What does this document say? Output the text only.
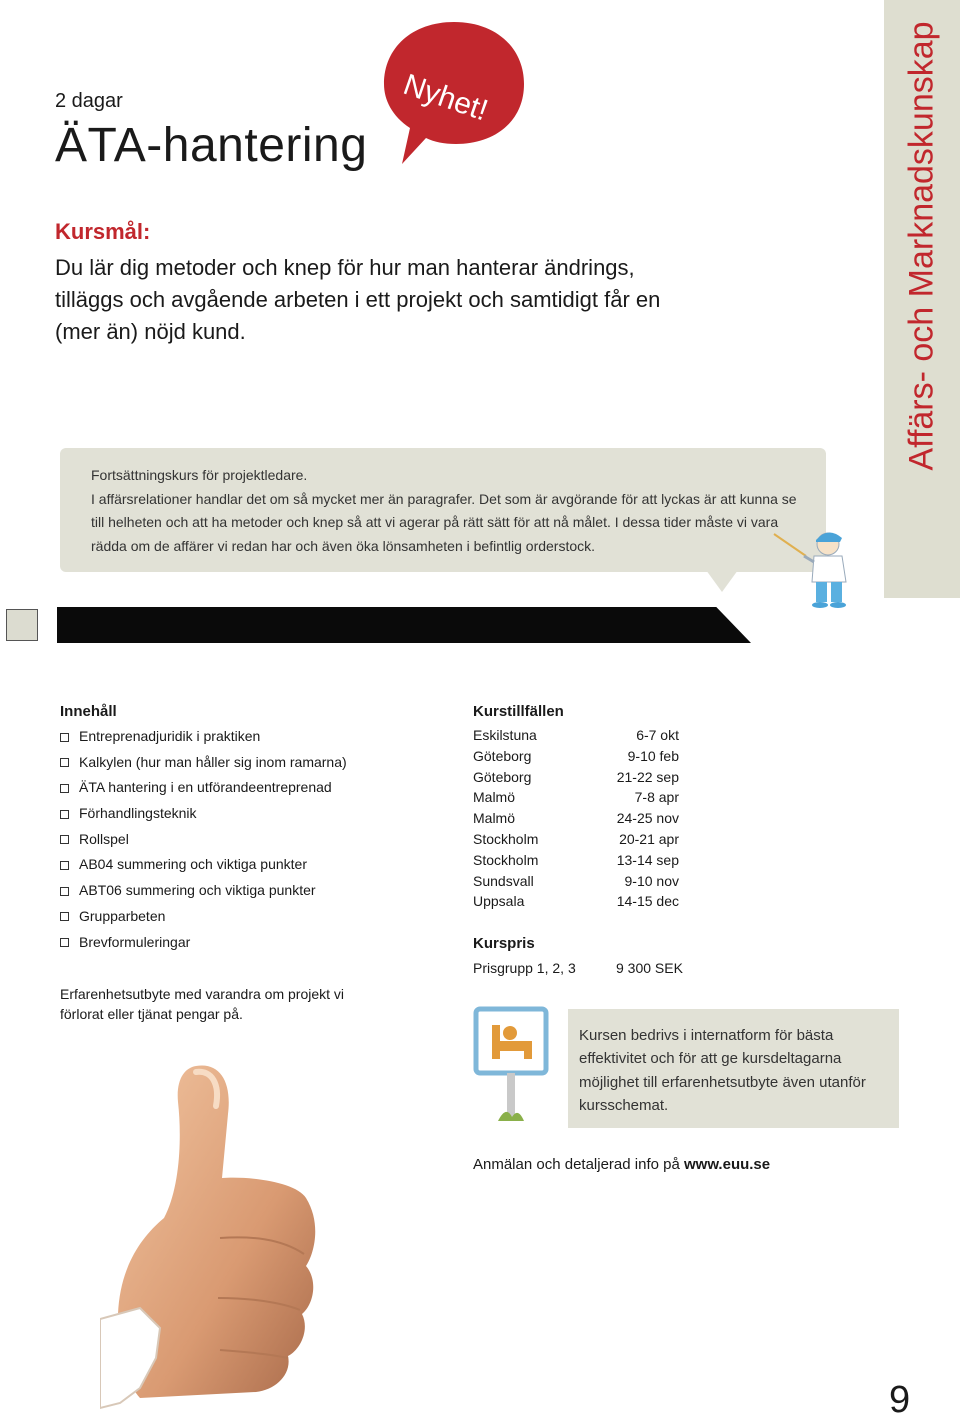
2 dagar
ÄTA-hantering
Nyhet!
Kursmål:
Du lär dig metoder och knep för hur man hanterar ändrings, tilläggs och avgående arbeten i ett projekt och samtidigt får en (mer än) nöjd kund.	Affärs- och Marknadskunskap

Fortsättningskurs för projektledare.

I affärsrelationer handlar det om så mycket mer än paragrafer. Det som är avgörande för att lyckas är att kunna se till helheten och att ha metoder och knep så att vi agerar på rätt sätt för att nå målet. I dessa tider måste vi vara rädda om de affärer vi redan har och även öka lönsamheten i befintlig orderstock.

Innehåll
Entreprenadjuridik i praktiken
Kalkylen (hur man håller sig inom ramarna)
ÄTA hantering i en utförandeentreprenad
Förhandlingsteknik
Rollspel
AB04 summering och viktiga punkter
ABT06 summering och viktiga punkter
Grupparbeten
Brevformuleringar
Erfarenhetsutbyte med varandra om projekt vi förlorat eller tjänat pengar på.
Kurstillfällen
Eskilstuna	6-7 okt
Göteborg	9-10 feb
Göteborg	21-22 sep
Malmö	7-8 apr
Malmö	24-25 nov
Stockholm	20-21 apr
Stockholm	13-14 sep
Sundsvall	9-10 nov
Uppsala	14-15 dec
Kurspris
Prisgrupp 1, 2, 3	9 300 SEK
Kursen bedrivs i internatform för bästa effektivitet och för att ge kursdeltagarna möjlighet till erfarenhetsutbyte även utanför kursschemat.
Anmälan och detaljerad info på www.euu.se
9
